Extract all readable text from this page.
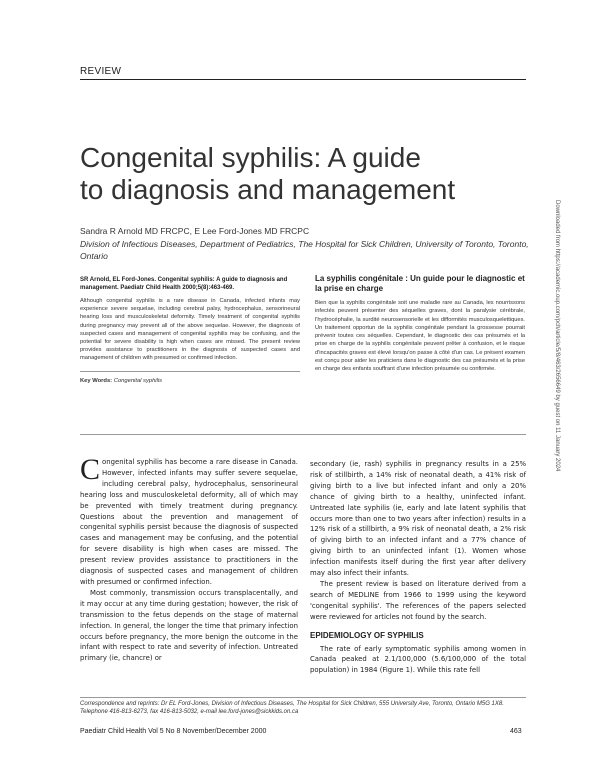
REVIEW
Congenital syphilis: A guide
to diagnosis and management
Sandra R Arnold MD FRCPC, E Lee Ford-Jones MD FRCPC
Division of Infectious Diseases, Department of Pediatrics, The Hospital for Sick Children, University of Toronto, Toronto, Ontario	Downloaded from https://academic.oup.com/pch/article/5/8/463/2656649 by guest on 11 January 2024

SR Arnold, EL Ford-Jones. Congenital syphilis: A guide to diagnosis and management. Paediatr Child Health 2000;5(8):463-469.

Although congenital syphilis is a rare disease in Canada, infected infants may experience severe sequelae, including cerebral palsy, hydrocephalus, sensorineural hearing loss and musculoskeletal deformity. Timely treatment of congenital syphilis during pregnancy may prevent all of the above sequelae. However, the diagnosis of suspected cases and management of congenital syphilis may be confusing, and the potential for severe disability is high when cases are missed. The present review provides assistance to practitioners in the diagnosis of suspected cases and management of children with presumed or confirmed infection.

Key Words: Congenital syphilis

La syphilis congénitale : Un guide pour le diagnostic et la prise en charge

Bien que la syphilis congénitale soit une maladie rare au Canada, les nourrissons infectés peuvent présenter des séquelles graves, dont la paralysie cérébrale, l'hydrocéphalie, la surdité neurosensorielle et les difformités musculosquelettiques. Un traitement opportun de la syphilis congénitale pendant la grossesse pourrait prévenir toutes ces séquelles. Cependant, le diagnostic des cas présumés et la prise en charge de la syphilis congénitale peuvent prêter à confusion, et le risque d'incapacités graves est élevé lorsqu'on passe à côté d'un cas. Le présent examen est conçu pour aider les praticiens dans le diagnostic des cas présumés et la prise en charge des enfants souffrant d'une infection présumée ou confirmée.

Congenital syphilis has become a rare disease in Canada. However, infected infants may suffer severe sequelae, including cerebral palsy, hydrocephalus, sensorineural hearing loss and musculoskeletal deformity, all of which may be prevented with timely treatment during pregnancy. Questions about the prevention and management of congenital syphilis persist because the diagnosis of suspected cases and management may be confusing, and the potential for severe disability is high when cases are missed. The present review provides assistance to practitioners in the diagnosis of suspected cases and management of children with presumed or confirmed infection.

Most commonly, transmission occurs transplacentally, and it may occur at any time during gestation; however, the risk of transmission to the fetus depends on the stage of maternal infection. In general, the longer the time that primary infection occurs before pregnancy, the more benign the outcome in the infant with respect to rate and severity of infection. Untreated primary (ie, chancre) or

secondary (ie, rash) syphilis in pregnancy results in a 25% risk of stillbirth, a 14% risk of neonatal death, a 41% risk of giving birth to a live but infected infant and only a 20% chance of giving birth to a healthy, uninfected infant. Untreated late syphilis (ie, early and late latent syphilis that occurs more than one to two years after infection) results in a 12% risk of a stillbirth, a 9% risk of neonatal death, a 2% risk of giving birth to an infected infant and a 77% chance of giving birth to an uninfected infant (1). Women whose infection manifests itself during the first year after delivery may also infect their infants.

The present review is based on literature derived from a search of MEDLINE from 1966 to 1999 using the keyword 'congenital syphilis'. The references of the papers selected were reviewed for articles not found by the search.

EPIDEMIOLOGY OF SYPHILIS

The rate of early symptomatic syphilis among women in Canada peaked at 2.1/100,000 (5.6/100,000 of the total population) in 1984 (Figure 1). While this rate fell

Correspondence and reprints: Dr EL Ford-Jones, Division of Infectious Diseases, The Hospital for Sick Children, 555 University Ave, Toronto, Ontario M5G 1X8. Telephone 416-813-6273, fax 416-813-5032, e-mail lee.ford-jones@sickkids.on.ca
Paediatr Child Health Vol 5 No 8 November/December 2000	463
